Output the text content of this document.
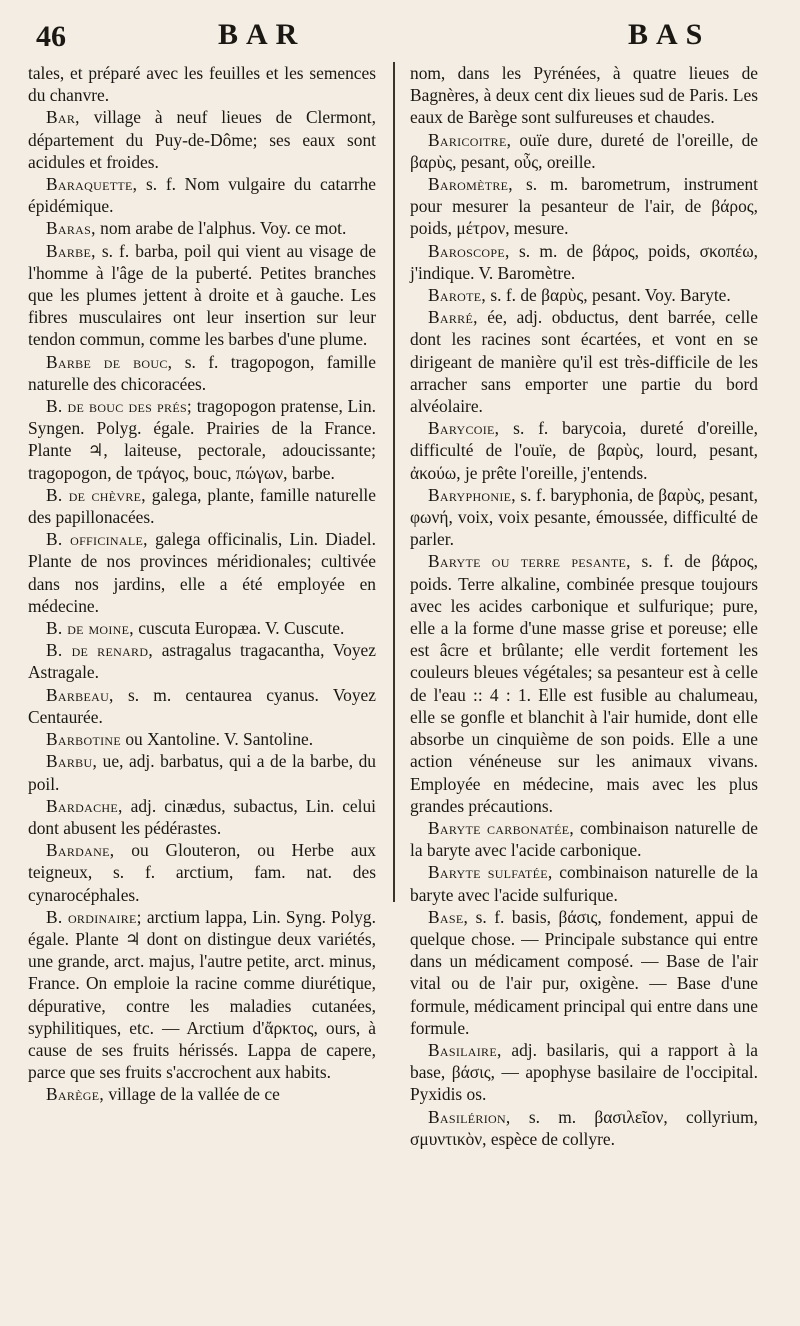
46	BAR	BAS

tales, et préparé avec les feuilles et les semences du chanvre.

Bar, village à neuf lieues de Clermont, département du Puy-de-Dôme; ses eaux sont acidules et froides.

Baraquette, s. f. Nom vulgaire du catarrhe épidémique.

Baras, nom arabe de l'alphus. Voy. ce mot.

Barbe, s. f. barba, poil qui vient au visage de l'homme à l'âge de la puberté. Petites branches que les plumes jettent à droite et à gauche. Les fibres musculaires ont leur insertion sur leur tendon commun, comme les barbes d'une plume.

Barbe de bouc, s. f. tragopogon, famille naturelle des chicoracées.

B. de bouc des prés; tragopogon pratense, Lin. Syngen. Polyg. égale. Prairies de la France. Plante ♃, laiteuse, pectorale, adoucissante; tragopogon, de τράγος, bouc, πώγων, barbe.

B. de chèvre, galega, plante, famille naturelle des papillonacées.

B. officinale, galega officinalis, Lin. Diadel. Plante de nos provinces méridionales; cultivée dans nos jardins, elle a été employée en médecine.

B. de moine, cuscuta Europæa. V. Cuscute.

B. de renard, astragalus tragacantha, Voyez Astragale.

Barbeau, s. m. centaurea cyanus. Voyez Centaurée.

Barbotine ou Xantoline. V. Santoline.

Barbu, ue, adj. barbatus, qui a de la barbe, du poil.

Bardache, adj. cinædus, subactus, Lin. celui dont abusent les pédérastes.

Bardane, ou Glouteron, ou Herbe aux teigneux, s. f. arctium, fam. nat. des cynarocéphales.

B. ordinaire; arctium lappa, Lin. Syng. Polyg. égale. Plante ♃ dont on distingue deux variétés, une grande, arct. majus, l'autre petite, arct. minus, France. On emploie la racine comme diurétique, dépurative, contre les maladies cutanées, syphilitiques, etc. — Arctium d'ἄρκτος, ours, à cause de ses fruits hérissés. Lappa de capere, parce que ses fruits s'accrochent aux habits.

Barège, village de la vallée de ce

nom, dans les Pyrénées, à quatre lieues de Bagnères, à deux cent dix lieues sud de Paris. Les eaux de Barège sont sulfureuses et chaudes.

Baricoitre, ouïe dure, dureté de l'oreille, de βαρὺς, pesant, οὖς, oreille.

Baromètre, s. m. barometrum, instrument pour mesurer la pesanteur de l'air, de βάρος, poids, μέτρον, mesure.

Baroscope, s. m. de βάρος, poids, σκοπέω, j'indique. V. Baromètre.

Barote, s. f. de βαρὺς, pesant. Voy. Baryte.

Barré, ée, adj. obductus, dent barrée, celle dont les racines sont écartées, et vont en se dirigeant de manière qu'il est très-difficile de les arracher sans emporter une partie du bord alvéolaire.

Barycoie, s. f. barycoia, dureté d'oreille, difficulté de l'ouïe, de βαρὺς, lourd, pesant, ἀκούω, je prête l'oreille, j'entends.

Baryphonie, s. f. baryphonia, de βαρὺς, pesant, φωνή, voix, voix pesante, émoussée, difficulté de parler.

Baryte ou terre pesante, s. f. de βάρος, poids. Terre alkaline, combinée presque toujours avec les acides carbonique et sulfurique; pure, elle a la forme d'une masse grise et poreuse; elle est âcre et brûlante; elle verdit fortement les couleurs bleues végétales; sa pesanteur est à celle de l'eau :: 4 : 1. Elle est fusible au chalumeau, elle se gonfle et blanchit à l'air humide, dont elle absorbe un cinquième de son poids. Elle a une action vénéneuse sur les animaux vivans. Employée en médecine, mais avec les plus grandes précautions.

Baryte carbonatée, combinaison naturelle de la baryte avec l'acide carbonique.

Baryte sulfatée, combinaison naturelle de la baryte avec l'acide sulfurique.

Base, s. f. basis, βάσις, fondement, appui de quelque chose. — Principale substance qui entre dans un médicament composé. — Base de l'air vital ou de l'air pur, oxigène. — Base d'une formule, médicament principal qui entre dans une formule.

Basilaire, adj. basilaris, qui a rapport à la base, βάσις, — apophyse basilaire de l'occipital. Pyxidis os.

Basilérion, s. m. βασιλεῖον, collyrium, σμυντικὸν, espèce de collyre.
